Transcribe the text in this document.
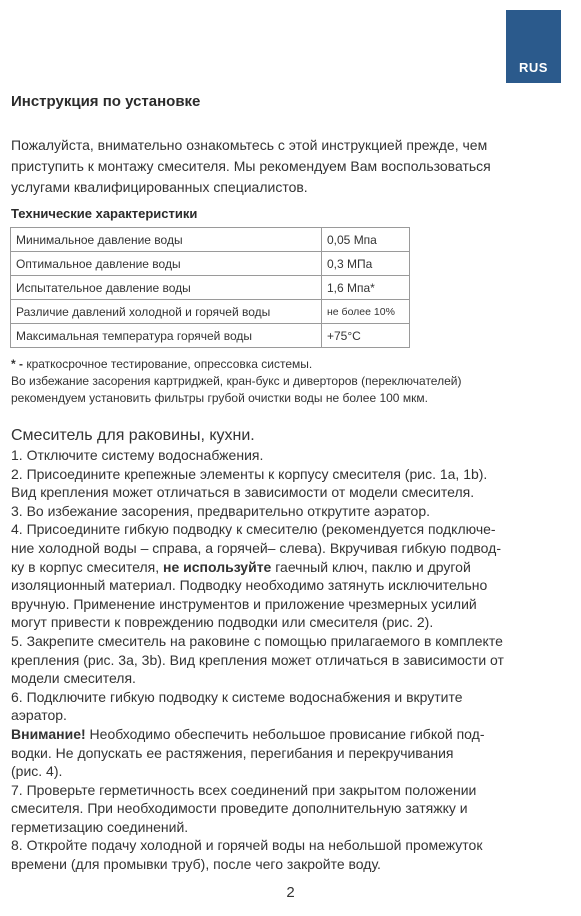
RUS
Инструкция по установке
Пожалуйста, внимательно ознакомьтесь с этой инструкцией прежде, чем
приступить к монтажу смесителя. Мы рекомендуем Вам воспользоваться
услугами квалифицированных специалистов.
Технические характеристики
Минимальное давление воды	0,05 Мпа
Оптимальное давление воды	0,3 МПа
Испытательное давление воды	1,6 Мпа*
Различие давлений холодной и горячей воды	не более 10%
Максимальная температура горячей воды	+75°С
* - краткосрочное тестирование, опрессовка системы.
Во избежание засорения картриджей, кран-букс и диверторов (переключателей)
рекомендуем установить фильтры грубой очистки воды не более 100 мкм.

Смеситель для раковины, кухни.

1. Отключите систему водоснабжения.

2. Присоедините крепежные элементы к корпусу смесителя (рис. 1a, 1b).

Вид крепления может отличаться в зависимости от модели смесителя.

3. Во избежание засорения, предварительно открутите аэратор.

4. Присоедините гибкую подводку к смесителю (рекомендуется подключе-

ние холодной воды – справа, а горячей– слева). Вкручивая гибкую подвод-

ку в корпус смесителя, не используйте гаечный ключ, паклю и другой

изоляционный материал. Подводку необходимо затянуть исключительно

вручную. Применение инструментов и приложение чрезмерных усилий

могут привести к повреждению подводки или смесителя (рис. 2).

5. Закрепите смеситель на раковине с помощью прилагаемого в комплекте

крепления (рис. 3a, 3b). Вид крепления может отличаться в зависимости от

модели смесителя.

6. Подключите гибкую подводку к системе водоснабжения и вкрутите

аэратор.

Внимание! Необходимо обеспечить небольшое провисание гибкой под-

водки. Не допускать ее растяжения, перегибания и перекручивания

(рис. 4).

7. Проверьте герметичность всех соединений при закрытом положении

смесителя. При необходимости проведите дополнительную затяжку и

герметизацию соединений.

8. Откройте подачу холодной и горячей воды на небольшой промежуток

времени (для промывки труб), после чего закройте воду.

2
